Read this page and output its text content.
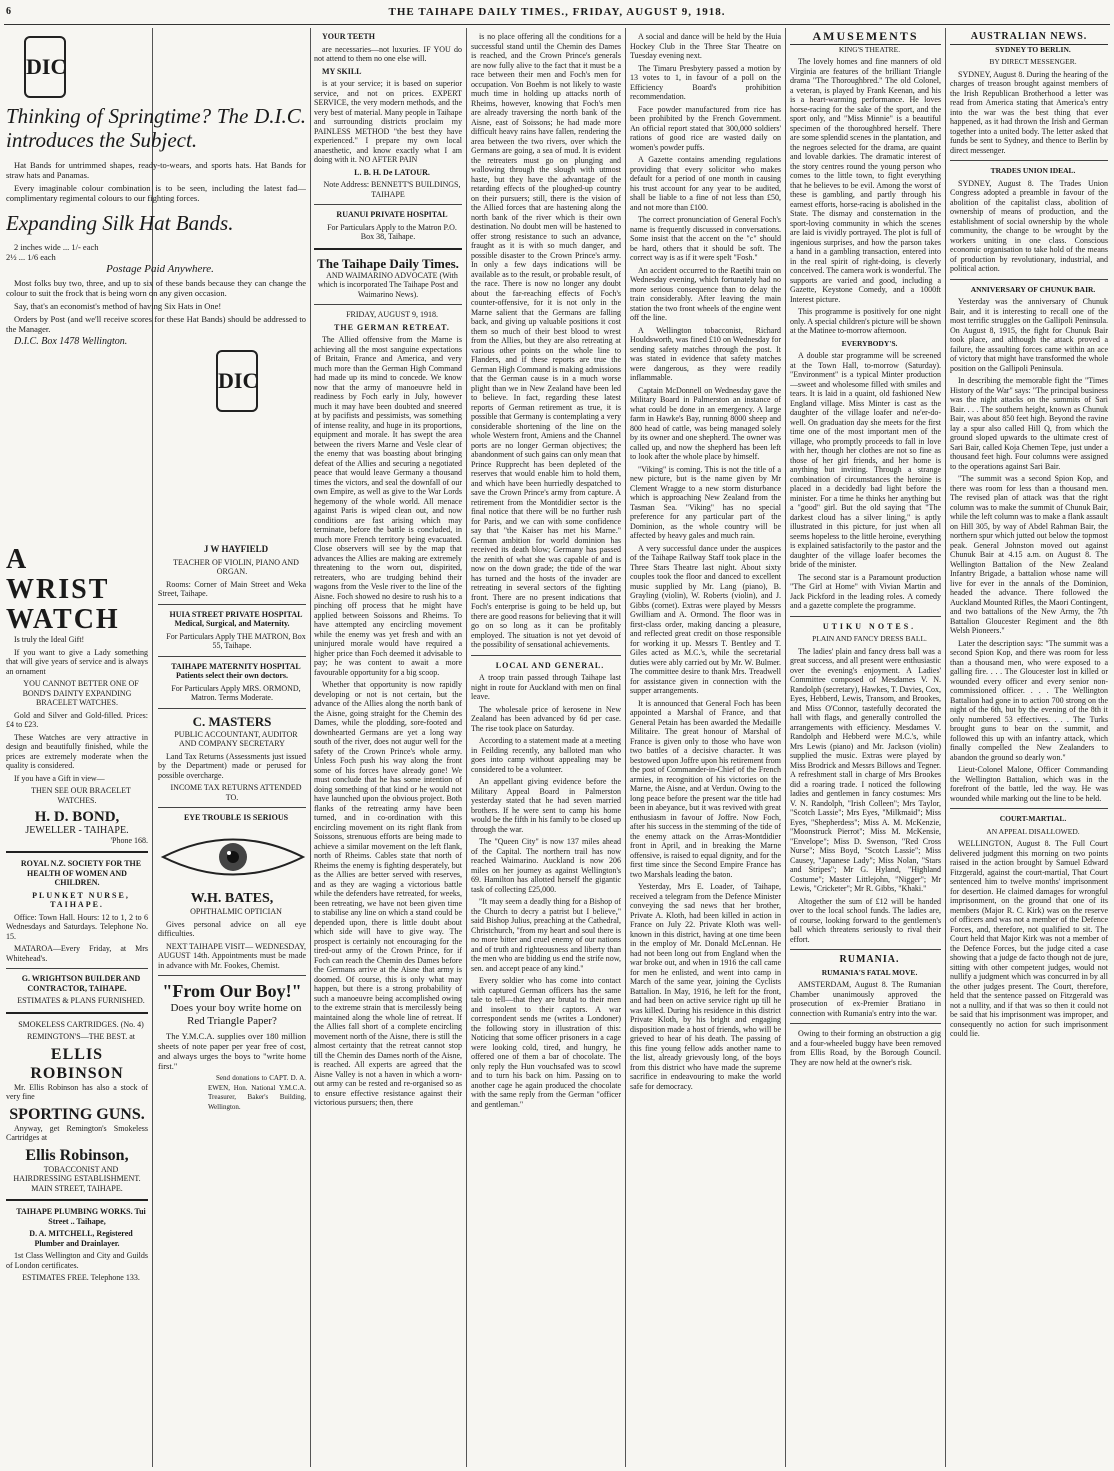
6	THE TAIHAPE DAILY TIMES., FRIDAY, AUGUST 9, 1918.
DIC
Thinking of Springtime? The D.I.C. introduces the Subject.

Hat Bands for untrimmed shapes, ready-to-wears, and sports hats. Hat Bands for straw hats and Panamas.

Every imaginable colour combination is to be seen, including the latest fad—complimentary regimental colours to our fighting forces.

Expanding Silk Hat Bands.

2 inches wide ... 1/- each
2½ ... 1/6 each

Postage Paid Anywhere.

Most folks buy two, three, and up to six of these bands because they can change the colour to suit the frock that is being worn on any given occasion.

Say, that's an economist's method of having Six Hats in One!

Orders by Post (and we'll receive scores for these Hat Bands) should be addressed to the Manager.

D.I.C. Box 1478 Wellington.

DIC
A
WRIST
WATCH

Is truly the Ideal Gift!

If you want to give a Lady something that will give years of service and is always an ornament

YOU CANNOT BETTER ONE OF BOND'S DAINTY EXPANDING BRACELET WATCHES.

Gold and Silver and Gold-filled. Prices: £4 to £23.

These Watches are very attractive in design and beautifully finished, while the prices are extremely moderate when the quality is considered.

If you have a Gift in view—

THEN SEE OUR BRACELET WATCHES.

H. D. BOND,
JEWELLER - TAIHAPE.
'Phone 168.

ROYAL N.Z. SOCIETY FOR THE HEALTH OF WOMEN AND CHILDREN.

PLUNKET NURSE, TAIHAPE.

Office: Town Hall. Hours: 12 to 1, 2 to 6 Wednesdays and Saturdays. Telephone No. 15.

MATAROA—Every Friday, at Mrs Whitehead's.

G. WRIGHTSON BUILDER AND CONTRACTOR, TAIHAPE.

ESTIMATES & PLANS FURNISHED.

SMOKELESS CARTRIDGES. (No. 4)

REMINGTON'S—THE BEST. at

ELLIS ROBINSON

Mr. Ellis Robinson has also a stock of very fine

SPORTING GUNS.

Anyway, get Remington's Smokeless Cartridges at

Ellis Robinson,

TOBACCONIST AND HAIRDRESSING ESTABLISHMENT. MAIN STREET, TAIHAPE.

TAIHAPE PLUMBING WORKS. Tui Street .. Taihape,

D. A. MITCHELL, Registered Plumber and Drainlayer.

1st Class Wellington and City and Guilds of London certificates.

ESTIMATES FREE. Telephone 133.

J W HAYFIELD

TEACHER OF VIOLIN, PIANO AND ORGAN.

Rooms: Corner of Main Street and Weka Street, Taihape.

HUIA STREET PRIVATE HOSPITAL Medical, Surgical, and Maternity.

For Particulars Apply THE MATRON, Box 55, Taihape.

TAIHAPE MATERNITY HOSPITAL Patients select their own doctors.

For Particulars Apply MRS. ORMOND, Matron. Terms Moderate.

C. MASTERS

PUBLIC ACCOUNTANT, AUDITOR AND COMPANY SECRETARY

Land Tax Returns (Assessments just issued by the Department) made or perused for possible overcharge.

INCOME TAX RETURNS ATTENDED TO.

EYE TROUBLE IS SERIOUS

W.H. BATES,

OPHTHALMIC OPTICIAN

Gives personal advice on all eye difficulties.

NEXT TAIHAPE VISIT— WEDNESDAY, AUGUST 14th. Appointments must be made in advance with Mr. Fookes, Chemist.

"From Our Boy!"

Does your boy write home on Red Triangle Paper?

The Y.M.C.A. supplies over 180 million sheets of note paper per year free of cost, and always urges the boys to "write home first."

Send donations to CAPT. D. A. EWEN, Hon. National Y.M.C.A. Treasurer, Baker's Building, Wellington.

YOUR TEETH

are necessaries—not luxuries. IF YOU do not attend to them no one else will.

MY SKILL

is at your service; it is based on superior service, and not on prices. EXPERT SERVICE, the very modern methods, and the very best of material. Many people in Taihape and surrounding districts proclaim my PAINLESS METHOD "the best they have experienced." I prepare my own local anaesthetic, and know exactly what I am doing with it. NO AFTER PAIN

L. B. H. De LATOUR.

Note Address: BENNETT'S BUILDINGS, TAIHAPE

RUANUI PRIVATE HOSPITAL

For Particulars Apply to the Matron P.O. Box 38, Taihape.

The Taihape Daily Times.

AND WAIMARINO ADVOCATE (With which is incorporated The Taihape Post and Waimarino News).

FRIDAY, AUGUST 9, 1918.

THE GERMAN RETREAT.

The Allied offensive from the Marne is achieving all the most sanguine expectations of Britain, France and America, and very much more than the German High Command had made up its mind to concede. We know now that the army of manoeuvre held in readiness by Foch early in July, however much it may have been doubted and sneered at by pacifists and pessimists, was something of intense reality, and huge in its proportions, equipment and morale. It has swept the area between the rivers Marne and Vesle clear of the enemy that was boasting about bringing defeat of the Allies and securing a negotiated peace that would leave Germany a thousand times the victors, and seal the downfall of our own Empire, as well as give to the War Lords hegemony of the whole world. All menace against Paris is wiped clean out, and now conditions are fast arising which may terminate, before the battle is concluded, in much more French territory being evacuated. Close observers will see by the map that advances the Allies are making are extremely threatening to the worn out, dispirited, retreaters, who are trudging behind their wagons from the Vesle river to the line of the Aisne. Foch showed no desire to rush his to a pinching off process that he might have applied between Soissons and Rheims. To have attempted any encircling movement while the enemy was yet fresh and with an uninjured morale would have required a higher price than Foch deemed it advisable to pay; he was content to await a more favourable opportunity for a big scoop.

Whether that opportunity is now rapidly developing or not is not certain, but the advance of the Allies along the north bank of the Aisne, going straight for the Chemin des Dames, while the plodding, sore-footed and downhearted Germans are yet a long way south of the river, does not augur well for the safety of the Crown Prince's whole army. Unless Foch push his way along the front some of his forces have already gone! We must conclude that he has some intention of doing something of that kind or he would not have launched upon the obvious project. Both flanks of the retreating army have been turned, and in co-ordination with this encircling movement on its right flank from Soissons, strenuous efforts are being made to achieve a similar movement on the left flank, north of Rheims. Cables state that north of Rheims the enemy is fighting desperately, but as the Allies are better served with reserves, and as they are waging a victorious battle while the defenders have retreated, for weeks, been retreating, we have not been given time to stabilise any line on which a stand could be depended upon, there is little doubt about which side will have to give way. The prospect is certainly not encouraging for the tired-out army of the Crown Prince, for if Foch can reach the Chemin des Dames before the Germans arrive at the Aisne that army is doomed. Of course, this is only what may happen, but there is a strong probability of such a manoeuvre being accomplished owing to the extreme strain that is mercilessly being maintained along the whole line of retreat. If the Allies fall short of a complete encircling movement north of the Aisne, there is still the almost certainty that the retreat cannot stop till the Chemin des Dames north of the Aisne, is reached. All experts are agreed that the Aisne Valley is not a haven in which a worn-out army can be rested and re-organised so as to ensure effective resistance against their victorious pursuers; then, there

is no place offering all the conditions for a successful stand until the Chemin des Dames is reached, and the Crown Prince's generals are now fully alive to the fact that it must be a race between their men and Foch's men for occupation. Von Boehm is not likely to waste much time in holding up attacks north of Rheims, however, knowing that Foch's men are already traversing the north bank of the Aisne, east of Soissons; he had made more difficult heavy rains have fallen, rendering the area between the two rivers, over which the Germans are going, a sea of mud. It is evident the retreaters must go on plunging and wallowing through the slough with utmost haste, but they have the advantage of the retarding effects of the ploughed-up country on their pursuers; still, there is the vision of the Allied forces that are hastening along the north bank of the river which is their own destination. No doubt men will be hastened to offer strong resistance to such an advance, fraught as it is with so much danger, and possible disaster to the Crown Prince's army. In only a few days indications will be available as to the result, or probable result, of the race. There is now no longer any doubt about the far-reaching effects of Foch's counter-offensive, for it is not only in the Marne salient that the Germans are falling back, and giving up valuable positions it cost them so much of their best blood to wrest from the Allies, but they are also retreating at various other points on the whole line to Flanders, and if these reports are true the German High Command is making admissions that the German cause is in a much worse plight than we in New Zealand have been led to believe. In fact, regarding these latest reports of German retirement as true, it is possible that Germany is contemplating a very considerable shortening of the line on the whole Western front, Amiens and the Channel ports are no longer German objectives; the abandonment of such gains can only mean that Prince Rupprecht has been depleted of the reserves that would enable him to hold them, and which have been hurriedly despatched to save the Crown Prince's army from capture. A retirement from the Montdidier sector is the final notice that there will be no further rush for Paris, and we can with some confidence say that "the Kaiser has met his Marne." German ambition for world dominion has received its death blow; Germany has passed the zenith of what she was capable of and is now on the down grade; the tide of the war has turned and the hosts of the invader are retreating in several sectors of the fighting front. There are no present indications that Foch's enterprise is going to be held up, but there are good reasons for believing that it will go on so long as it can be profitably employed. The situation is not yet devoid of the possibility of sensational achievements.

LOCAL AND GENERAL.

A troop train passed through Taihape last night in route for Auckland with men on final leave.

The wholesale price of kerosene in New Zealand has been advanced by 6d per case. The rise took place on Saturday.

According to a statement made at a meeting in Feilding recently, any balloted man who goes into camp without appealing may be considered to be a volunteer.

An appellant giving evidence before the Military Appeal Board in Palmerston yesterday stated that he had seven married brothers. If he were sent to camp his home would be the fifth in his family to be closed up through the war.

The "Queen City" is now 137 miles ahead of the Capital. The northern trail has now reached Waimarino. Auckland is now 206 miles on her journey as against Wellington's 69. Hamilton has allotted herself the gigantic task of collecting £25,000.

"It may seem a deadly thing for a Bishop of the Church to decry a patrist but I believe," said Bishop Julius, preaching at the Cathedral, Christchurch, "from my heart and soul there is no more bitter and cruel enemy of our nations and of truth and righteousness and liberty than the men who are bidding us end the strife now, sen. and accept peace of any kind."

Every soldier who has come into contact with captured German officers has the same tale to tell—that they are brutal to their men and insolent to their captors. A war correspondent sends me (writes a Londoner) the following story in illustration of this: Noticing that some officer prisoners in a cage were looking cold, tired, and hungry, he offered one of them a bar of chocolate. The only reply the Hun vouchsafed was to scowl and to turn his back on him. Passing on to another cage he again produced the chocolate with the same reply from the German "officer and gentleman."

A social and dance will be held by the Huia Hockey Club in the Three Star Theatre on Tuesday evening next.

The Timaru Presbytery passed a motion by 13 votes to 1, in favour of a poll on the Efficiency Board's prohibition recommendation.

Face powder manufactured from rice has been prohibited by the French Government. An official report stated that 300,000 soldiers' rations of good rice are wasted daily on women's powder puffs.

A Gazette contains amending regulations providing that every solicitor who makes default for a period of one month in causing his trust account for any year to be audited, shall be liable to a fine of not less than £50, and not more than £100.

The correct pronunciation of General Foch's name is frequently discussed in conversations. Some insist that the accent on the "c" should be hard, others that it should be soft. The correct way is as if it were spelt "Fosh."

An accident occurred to the Raetihi train on Wednesday evening, which fortunately had no more serious consequence than to delay the train considerably. After leaving the main station the two front wheels of the engine went off the line.

A Wellington tobacconist, Richard Houldsworth, was fined £10 on Wednesday for sending safety matches through the post. It was stated in evidence that safety matches were dangerous, as they were readily inflammable.

Captain McDonnell on Wednesday gave the Military Board in Palmerston an instance of what could be done in an emergency. A large farm in Hawke's Bay, running 8000 sheep and 800 head of cattle, was being managed solely by its owner and one shepherd. The owner was called up, and now the shepherd has been left to look after the whole place by himself.

"Viking" is coming. This is not the title of a new picture, but is the name given by Mr Clement Wragge to a new storm disturbance which is approaching New Zealand from the Tasman Sea. "Viking" has no special preference for any particular part of the Dominion, as the whole country will be affected by heavy gales and much rain.

A very successful dance under the auspices of the Taihape Railway Staff took place in the Three Stars Theatre last night. About sixty couples took the floor and danced to excellent music supplied by Mr. Lang (piano), B. Grayling (violin), W. Roberts (violin), and J. Gibbs (cornet). Extras were played by Messrs Gwilliam and A. Ormond. The floor was in first-class order, making dancing a pleasure, and reflected great credit on those responsible for working it up. Messrs T. Bentley and T. Giles acted as M.C.'s, while the secretarial duties were ably carried out by Mr. W. Bulmer. The committee desire to thank Mrs. Treadwell for assistance given in connection with the supper arrangements.

It is announced that General Foch has been appointed a Marshal of France, and that General Petain has been awarded the Medaille Militaire. The great honour of Marshal of France is given only to those who have won two battles of a decisive character. It was bestowed upon Joffre upon his retirement from the post of Commander-in-Chief of the French armies, in recognition of his victories on the Marne, the Aisne, and at Verdun. Owing to the long peace before the present war the title had been in abeyance, but it was revived with great enthusiasm in favour of Joffre. Now Foch, after his success in the stemming of the tide of the enemy attack on the Arras-Montdidier front in April, and in breaking the Marne offensive, is raised to equal dignity, and for the first time since the Second Empire France has two Marshals leading the baton.

Yesterday, Mrs E. Loader, of Taihape, received a telegram from the Defence Minister conveying the sad news that her brother, Private A. Kloth, had been killed in action in France on July 22. Private Kloth was well-known in this district, having at one time been in the employ of Mr. Donald McLennan. He had not been long out from England when the war broke out, and when in 1916 the call came for men he enlisted, and went into camp in March of the same year, joining the Cyclists Battalion. In May, 1916, he left for the front, and had been on active service right up till he was killed. During his residence in this district Private Kloth, by his bright and engaging disposition made a host of friends, who will be grieved to hear of his death. The passing of this fine young fellow adds another name to the list, already grievously long, of the boys from this district who have made the supreme sacrifice in endeavouring to make the world safe for democracy.

AMUSEMENTS

KING'S THEATRE.

The lovely homes and fine manners of old Virginia are features of the brilliant Triangle drama "The Thoroughbred." The old Colonel, a veteran, is played by Frank Keenan, and his is a heart-warming performance. He loves horse-racing for the sake of the sport, and the sport only, and "Miss Minnie" is a beautiful specimen of the thoroughbred herself. There are some splendid scenes in the plantation, and the negroes selected for the drama, are quaint and lovable darkies. The dramatic interest of the story centres round the young person who comes to the little town, to fight everything that he believes to be evil. Among the worst of these is gambling, and partly through his earnest efforts, horse-racing is abolished in the State. The dismay and consternation in the sport-loving community in which the scenes are laid is vividly portrayed. The plot is full of ingenious surprises, and how the parson takes a hand in a gambling transaction, entered into in the real spirit of right-doing, is cleverly conceived. The camera work is wonderful. The supports are varied and good, including a Gazette, Keystone Comedy, and a 1000ft Interest picture.

This programme is positively for one night only. A special children's picture will be shown at the Matinee to-morrow afternoon.

EVERYBODY'S.

A double star programme will be screened at the Town Hall, to-morrow (Saturday). "Environment" is a typical Minter production—sweet and wholesome filled with smiles and tears. It is laid in a quaint, old fashioned New England village. Miss Minter is cast as the daughter of the village loafer and ne'er-do-well. On graduation day she meets for the first time one of the most important men of the village, who promptly proceeds to fall in love with her, though her clothes are not so fine as those of her girl friends, and her home is anything but inviting. Through a strange combination of circumstances the heroine is placed in a decidedly bad light before the minister. For a time he thinks her anything but a "good" girl. But the old saying that "The darkest cloud has a silver lining," is aptly illustrated in this picture, for just when all seems hopeless to the little heroine, everything is explained satisfactorily to the pastor and the daughter of the village loafer becomes the bride of the minister.

The second star is a Paramount production "The Girl at Home" with Vivian Martin and Jack Pickford in the leading roles. A comedy and a gazette complete the programme.

UTIKU NOTES.

PLAIN AND FANCY DRESS BALL.

The ladies' plain and fancy dress ball was a great success, and all present were enthusiastic over the evening's enjoyment. A Ladies' Committee composed of Mesdames V. N. Randolph (secretary), Hawkes, T. Davies, Cox, Eyes, Hebberd, Lewis, Transom, and Brookes, and Miss O'Connor, tastefully decorated the hall with flags, and generally controlled the arrangements with efficiency. Mesdames V. Randolph and Hebberd were M.C.'s, while Mrs Lewis (piano) and Mr. Jackson (violin) supplied the music. Extras were played by Miss Brodrick and Messrs Billows and Tegner. A refreshment stall in charge of Mrs Brookes did a roaring trade. I noticed the following ladies and gentlemen in fancy costumes: Mrs V. N. Randolph, "Irish Colleen"; Mrs Taylor, "Scotch Lassie"; Mrs Eyes, "Milkmaid"; Miss Eyes, "Shepherdess"; Miss A. M. McKenzie, "Moonstruck Pierrot"; Miss M. McKensie, "Envelope"; Miss D. Swenson, "Red Cross Nurse"; Miss Boyd, "Scotch Lassie"; Miss Causey, "Japanese Lady"; Miss Nolan, "Stars and Stripes"; Mr G. Hyland, "Highland Costume"; Master Littlejohn, "Nigger"; Mr Lewis, "Cricketer"; Mr R. Gibbs, "Khaki."

Altogether the sum of £12 will be handed over to the local school funds. The ladies are, of course, looking forward to the gentlemen's ball which threatens seriously to rival their effort.

RUMANIA.

RUMANIA'S FATAL MOVE.

AMSTERDAM, August 8. The Rumanian Chamber unanimously approved the prosecution of ex-Premier Bratiano in connection with Rumania's entry into the war.

Owing to their forming an obstruction a gig and a four-wheeled buggy have been removed from Ellis Road, by the Borough Council. They are now held at the owner's risk.

AUSTRALIAN NEWS.

SYDNEY TO BERLIN.

BY DIRECT MESSENGER.

SYDNEY, August 8. During the hearing of the charges of treason brought against members of the Irish Republican Brotherhood a letter was read from America stating that America's entry into the war was the best thing that ever happened, as it had thrown the Irish and German together into a united body. The letter asked that funds be sent to Sydney, and thence to Berlin by direct messenger.

TRADES UNION IDEAL.

SYDNEY, August 8. The Trades Union Congress adopted a preamble in favour of the abolition of the capitalist class, abolition of ownership of means of production, and the establishment of social ownership by the whole community, the change to be wrought by the workers uniting in one class. Conscious economic organisation to take hold of the means of production by revolutionary, industrial, and political action.

ANNIVERSARY OF CHUNUK BAIR.

Yesterday was the anniversary of Chunuk Bair, and it is interesting to recall one of the most terrific struggles on the Gallipoli Peninsula. On August 8, 1915, the fight for Chunuk Bair took place, and although the attack proved a failure, the assaulting forces came within an ace of victory that might have transformed the whole position on the Gallipoli Peninsula.

In describing the memorable fight the "Times History of the War" says: "The principal business was the night attacks on the summits of Sari Bair. . . . The southern height, known as Chunuk Bair, was about 850 feet high. Beyond the ravine lay a spur also called Hill Q, from which the ground sloped upwards to the ultimate crest of Sari Bair, called Koja Chemen Tepe, just under a thousand feet high. Four columns were assigned to the operations against Sari Bair.

"The summit was a second Spion Kop, and there was room for less than a thousand men. The revised plan of attack was that the right column was to make the summit of Chunuk Bair, while the left column was to make a flank assault on Hill 305, by way of Abdel Rahman Bair, the northern spur which jutted out below the topmost peak. General Johnston moved out against Chunuk Bair at 4.15 a.m. on August 8. The Wellington Battalion of the New Zealand Infantry Brigade, a battalion whose name will live for ever in the annals of the Dominion, headed the advance. There followed the Auckland Mounted Rifles, the Maori Contingent, and two battalions of the New Army, the 7th Battalion Gloucester Regiment and the 8th Welsh Pioneers."

Later the description says: "The summit was a second Spion Kop, and there was room for less than a thousand men, who were exposed to a galling fire. . . . The Gloucester lost in killed or wounded every officer and every senior non-commissioned officer. . . . The Wellington Battalion had gone in to action 700 strong on the night of the 6th, but by the evening of the 8th it only numbered 53 effectives. . . . The Turks brought guns to bear on the summit, and followed this up with an infantry attack, which finally compelled the New Zealanders to abandon the ground so dearly won."

Lieut-Colonel Malone, Officer Commanding the Wellington Battalion, which was in the forefront of the battle, led the way. He was wounded while marking out the line to be held.

COURT-MARTIAL.

AN APPEAL DISALLOWED.

WELLINGTON, August 8. The Full Court delivered judgment this morning on two points raised in the action brought by Samuel Edward Fitzgerald, against the court-martial, That Court sentenced him to twelve months' imprisonment for desertion. He claimed damages for wrongful imprisonment, on the ground that one of its members (Major R. C. Kirk) was on the reserve of officers and was not a member of the Defence Forces, and, therefore, not qualified to sit. The Court held that Major Kirk was not a member of the Defence Forces, but the judge cited a case showing that a judge de facto though not de jure, sitting with other competent judges, would not nullify a judgment which was concurred in by all the other judges present. The Court, therefore, held that the sentence passed on Fitzgerald was not a nullity, and if that was so then it could not be said that his imprisonment was improper, and consequently no action for such imprisonment could lie.
